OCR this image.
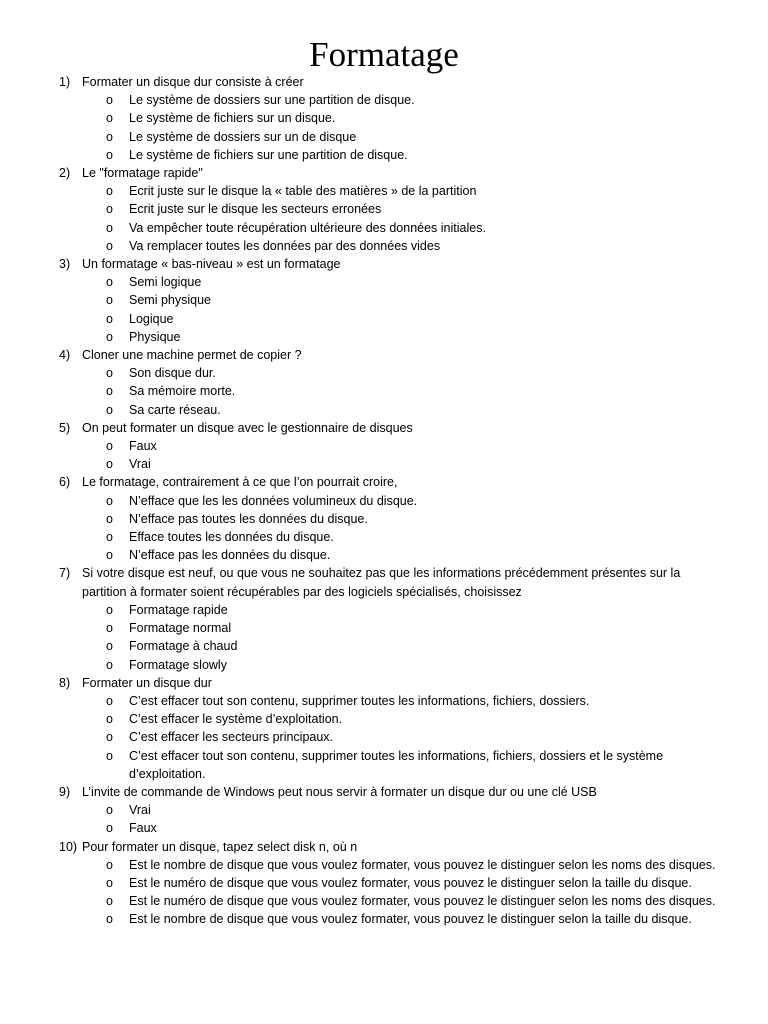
Formatage
1) Formater un disque dur consiste à créer
o Le système de dossiers sur une partition de disque.
o Le système de fichiers sur un disque.
o Le système de dossiers sur un de disque
o Le système de fichiers sur une partition de disque.
2) Le "formatage rapide"
o Ecrit juste sur le disque la « table des matières » de la partition
o Ecrit juste sur le disque les secteurs erronées
o Va empêcher toute récupération ultérieure des données initiales.
o Va remplacer toutes les données par des données vides
3) Un formatage « bas-niveau » est un formatage
o Semi logique
o Semi physique
o Logique
o Physique
4) Cloner une machine permet de copier ?
o Son disque dur.
o Sa mémoire morte.
o Sa carte réseau.
5) On peut formater un disque avec le gestionnaire de disques
o Faux
o Vrai
6) Le formatage, contrairement à ce que l’on pourrait croire,
o N’efface que les les données volumineux du disque.
o N’efface pas toutes les données du disque.
o Efface toutes les données du disque.
o N’efface pas les données du disque.
7) Si votre disque est neuf, ou que vous ne souhaitez pas que les informations précédemment présentes sur la partition à formater soient récupérables par des logiciels spécialisés, choisissez
o Formatage rapide
o Formatage normal
o Formatage à chaud
o Formatage slowly
8) Formater un disque dur
o C’est effacer tout son contenu, supprimer toutes les informations, fichiers, dossiers.
o C’est effacer le système d’exploitation.
o C’est effacer les secteurs principaux.
o C’est effacer tout son contenu, supprimer toutes les informations, fichiers, dossiers et le système d’exploitation.
9) L’invite de commande de Windows peut nous servir à formater un disque dur ou une clé USB
o Vrai
o Faux
10) Pour formater un disque, tapez select disk n, où n
o Est le nombre de disque que vous voulez formater, vous pouvez le distinguer selon les noms des disques.
o Est le numéro de disque que vous voulez formater, vous pouvez le distinguer selon la taille du disque.
o Est le numéro de disque que vous voulez formater, vous pouvez le distinguer selon les noms des disques.
o Est le nombre de disque que vous voulez formater, vous pouvez le distinguer selon la taille du disque.
